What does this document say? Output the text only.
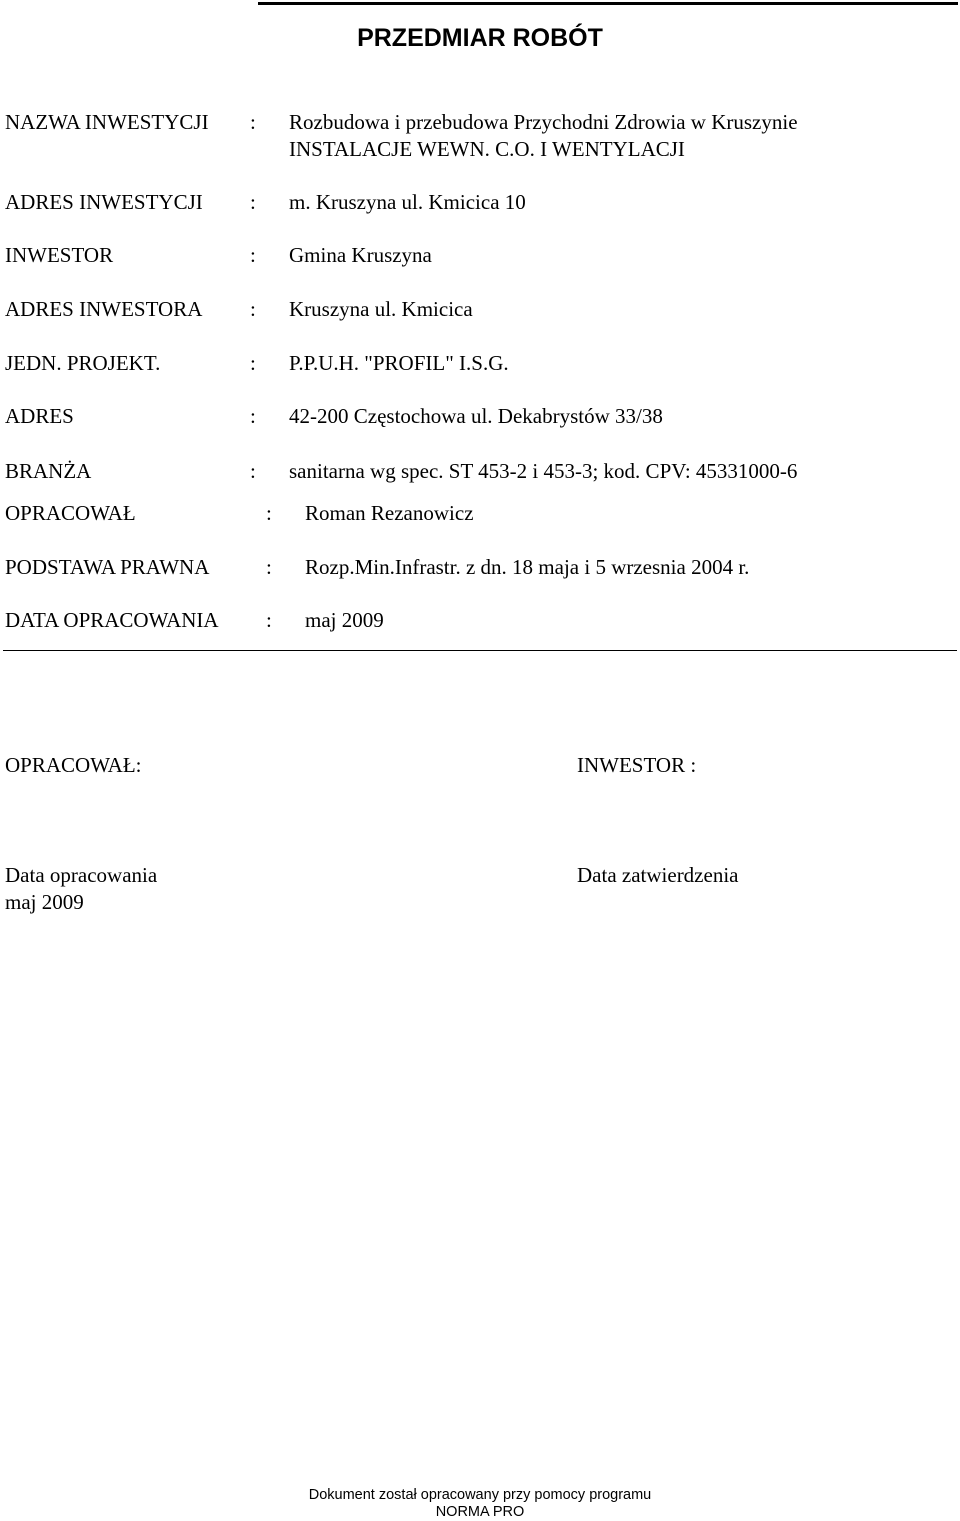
PRZEDMIAR ROBÓT
NAZWA INWESTYCJI : Rozbudowa i przebudowa Przychodni Zdrowia w Kruszynie
INSTALACJE WEWN. C.O. I WENTYLACJI
ADRES INWESTYCJI : m. Kruszyna ul. Kmicica 10
INWESTOR	: Gmina Kruszyna
ADRES INWESTORA : Kruszyna ul. Kmicica
JEDN. PROJEKT.	: P.P.U.H. "PROFIL" I.S.G.
ADRES	: 42-200 Częstochowa ul. Dekabrystów 33/38
BRANŻA	: sanitarna wg spec. ST 453-2 i 453-3; kod. CPV: 45331000-6
OPRACOWAŁ	: Roman Rezanowicz
PODSTAWA PRAWNA	: Rozp.Min.Infrastr. z dn. 18 maja i 5 wrzesnia 2004 r.
DATA OPRACOWANIA : maj 2009
OPRACOWAŁ:	INWESTOR :
Data opracowania
maj 2009
Data zatwierdzenia
Dokument został opracowany przy pomocy programu
NORMA PRO
